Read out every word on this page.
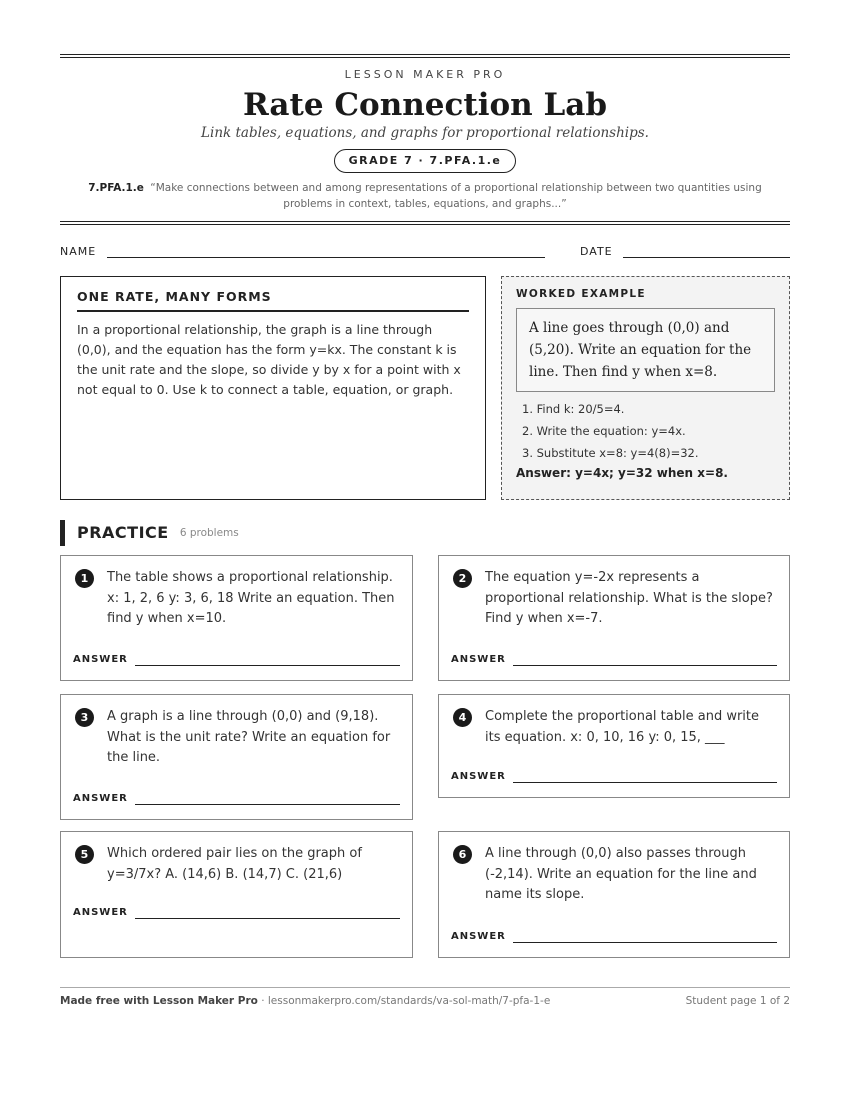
LESSON MAKER PRO
Rate Connection Lab
Link tables, equations, and graphs for proportional relationships.
GRADE 7 · 7.PFA.1.e
7.PFA.1.e “Make connections between and among representations of a proportional relationship between two quantities using problems in context, tables, equations, and graphs...”
NAME	DATE
ONE RATE, MANY FORMS

In a proportional relationship, the graph is a line through (0,0), and the equation has the form y=kx. The constant k is the unit rate and the slope, so divide y by x for a point with x not equal to 0. Use k to connect a table, equation, or graph.

WORKED EXAMPLE
A line goes through (0,0) and (5,20). Write an equation for the line. Then find y when x=8.
1. Find k: 20/5=4.
2. Write the equation: y=4x.
3. Substitute x=8: y=4(8)=32.
Answer: y=4x; y=32 when x=8.
PRACTICE 6 problems
1	The table shows a proportional relationship. x: 1, 2, 6 y: 3, 6, 18 Write an equation. Then find y when x=10.
ANSWER
2	The equation y=-2x represents a proportional relationship. What is the slope? Find y when x=-7.
ANSWER
3	A graph is a line through (0,0) and (9,18). What is the unit rate? Write an equation for the line.
ANSWER
4	Complete the proportional table and write its equation. x: 0, 10, 16 y: 0, 15, ___
ANSWER
5	Which ordered pair lies on the graph of y=3/7x? A. (14,6) B. (14,7) C. (21,6)
ANSWER
6	A line through (0,0) also passes through (-2,14). Write an equation for the line and name its slope.
ANSWER
Made free with Lesson Maker Pro · lessonmakerpro.com/standards/va-sol-math/7-pfa-1-e	Student page 1 of 2
